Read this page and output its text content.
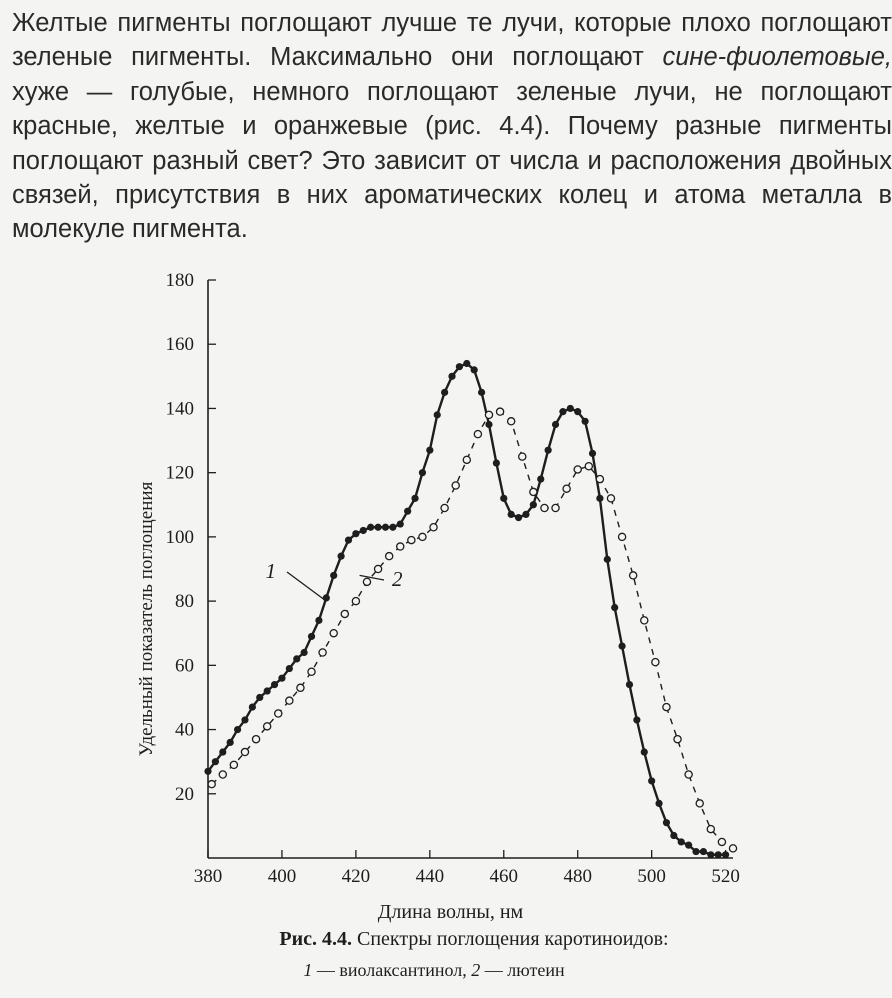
Желтые пигменты поглощают лучше те лучи, которые плохо поглощают зеленые пигменты. Максимально они поглощают сине-фиолетовые, хуже — голубые, немного поглощают зеленые лучи, не поглощают красные, желтые и оранжевые (рис. 4.4). Почему разные пигменты поглощают разный свет? Это зависит от числа и расположения двойных связей, присутствия в них ароматических колец и атома металла в молекуле пигмента.

20
40
60
80
100
120
140
160
180
380 400 420 440 460 480 500 520
Длина волны, нм
Удельный показатель поглощения	1	2
Рис. 4.4. Спектры поглощения каротиноидов:
1 — виолаксантинол, 2 — лютеин
